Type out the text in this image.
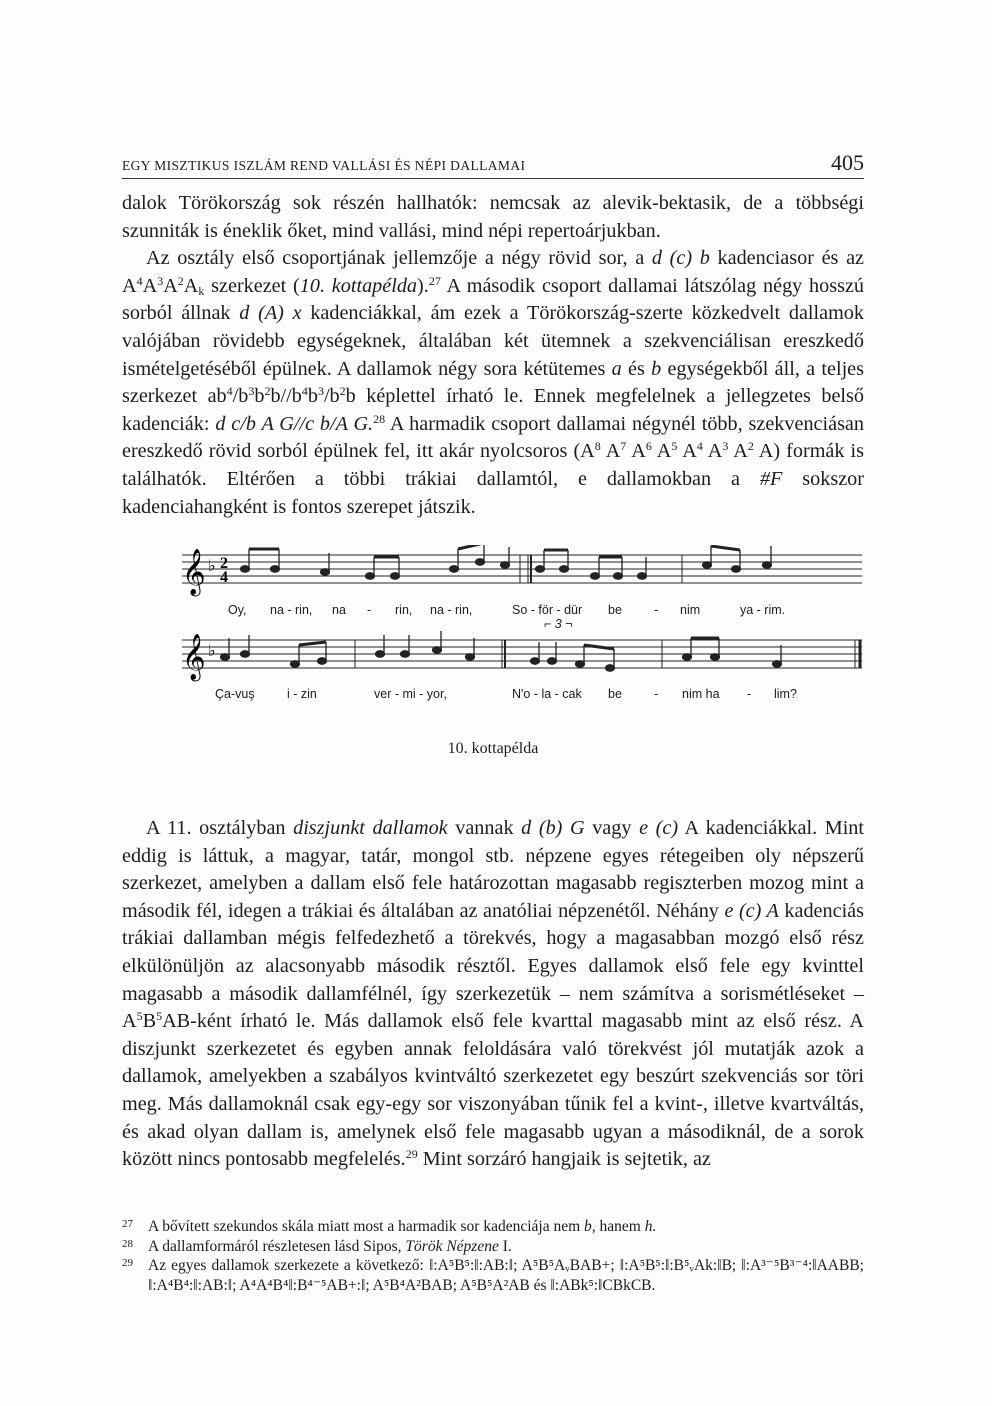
EGY MISZTIKUS ISZLÁM REND VALLÁSI ÉS NÉPI DALLAMAI	405

dalok Törökország sok részén hallhatók: nemcsak az alevik-bektasik, de a többségi szunniták is éneklik őket, mind vallási, mind népi repertoárjukban.

Az osztály első csoportjának jellemzője a négy rövid sor, a d (c) b kadenciasor és az $A^4A^3A^2A_k$ szerkezet (10. kottapélda).$^{27}$ A második csoport dallamai látszólag négy hosszú sorból állnak d (A) x kadenciákkal, ám ezek a Törökország-szerte közkedvelt dallamok valójában rövidebb egységeknek, általában két ütemnek a szekvenciálisan ereszkedő ismételgetéséből épülnek. A dallamok négy sora kétütemes a és b egységekből áll, a teljes szerkezet $ab^4/b^3b^2b//b^4b^3/b^2b$ képlettel írható le. Ennek megfelelnek a jellegzetes belső kadenciák: d c/b A G//c b/A G.$^{28}$ A harmadik csoport dallamai négynél több, szekvenciásan ereszkedő rövid sorból épülnek fel, itt akár nyolcsoros ($A^8$ $A^7$ $A^6$ $A^5$ $A^4$ $A^3$ $A^2$ A) formák is találhatók. Eltérően a többi trákiai dallamtól, e dallamokban a #F sokszor kadenciahangként is fontos szerepet játszik.

𝄞
𝄞
♭
♭
2
4
Oy, na - rin, na - rin, na - rin,	So - för - dür be	- nim	ya - rim.
⌐ 3 ¬
Ça-vuş	i - zin	ver - mi - yor,	N'o - la - cak be	- nim ha - lim?
10. kottapélda

A 11. osztályban diszjunkt dallamok vannak d (b) G vagy e (c) A kadenciákkal. Mint eddig is láttuk, a magyar, tatár, mongol stb. népzene egyes rétegeiben oly népszerű szerkezet, amelyben a dallam első fele határozottan magasabb regiszterben mozog mint a második fél, idegen a trákiai és általában az anatóliai népzenétől. Néhány e (c) A kadenciás trákiai dallamban mégis felfedezhető a törekvés, hogy a magasabban mozgó első rész elkülönüljön az alacsonyabb második résztől. Egyes dallamok első fele egy kvinttel magasabb a második dallamfélnél, így szerkezetük – nem számítva a sorismétléseket – $A^5B^5AB$-ként írható le. Más dallamok első fele kvarttal magasabb mint az első rész. A diszjunkt szerkezetet és egyben annak feloldására való törekvést jól mutatják azok a dallamok, amelyekben a szabályos kvintváltó szerkezetet egy beszúrt szekvenciás sor töri meg. Más dallamoknál csak egy-egy sor viszonyában tűnik fel a kvint-, illetve kvartváltás, és akad olyan dallam is, amelynek első fele magasabb ugyan a másodiknál, de a sorok között nincs pontosabb megfelelés.$^{29}$ Mint sorzáró hangjaik is sejtetik, az

27 A bővített szekundos skála miatt most a harmadik sor kadenciája nem b, hanem h.
28 A dallamformáról részletesen lásd Sipos, Török Népzene I.
29 Az egyes dallamok szerkezete a következő: ‖:A⁵B⁵:‖:AB:‖; A⁵B⁵AᵥBAB+; ‖:A⁵B⁵:‖:B⁵ᵥAk:‖B; ‖:A³⁻⁵B³⁻⁴:‖AABB; ‖:A⁴B⁴:‖:AB:‖; A⁴A⁴B⁴‖:B⁴⁻⁵AB+:‖; A⁵B⁴A²BAB; A⁵B⁵A²AB és ‖:ABk⁵:‖CBkCB.
